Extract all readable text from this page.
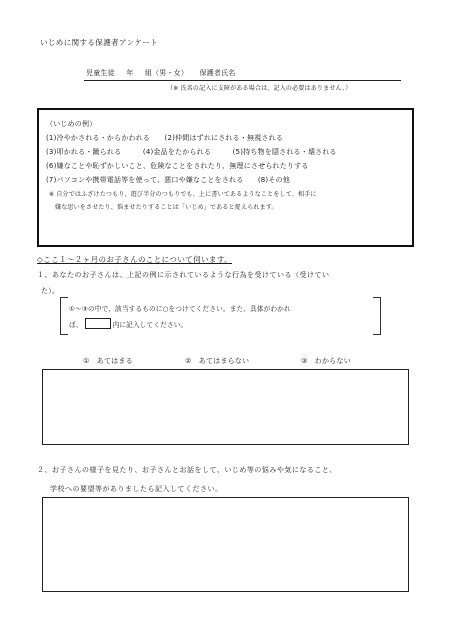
いじめに関する保護者アンケート
児童生徒 年 組（男・女） 保護者氏名
（※ 氏名の記入に支障がある場合は、記入の必要はありません。）
（いじめの例）
(1)冷やかされる・からかわれる　　(2)仲間はずれにされる・無視される
(3)叩かれる・蹴られる　　　(4)金品をたかられる　　　(5)持ち物を隠される・壊される
(6)嫌なことや恥ずかしいこと、危険なことをされたり、無理にさせられたりする
(7)パソコンや携帯電話等を使って、悪口や嫌なことをされる　　(8)その他
※ 自分ではふざけたつもり、遊び半分のつもりでも、上に書いてあるようなことをして、相手に
嫌な思いをさせたり、悩ませたりすることは「いじめ」であると捉えられます。
◇ここ１～２ヶ月のお子さんのことについて伺います。
１、あなたのお子さんは、上記の例に示されているような行為を受けている（受けてい
た）。
①～③の中で、該当するものに○をつけてください。また、具体がわかれ
ば、	内に記入してください。
① あてはまる	② あてはまらない	③ わからない
２、お子さんの様子を見たり、お子さんとお話をして、いじめ等の悩みや気になること、
学校への要望等がありましたら記入してください。
